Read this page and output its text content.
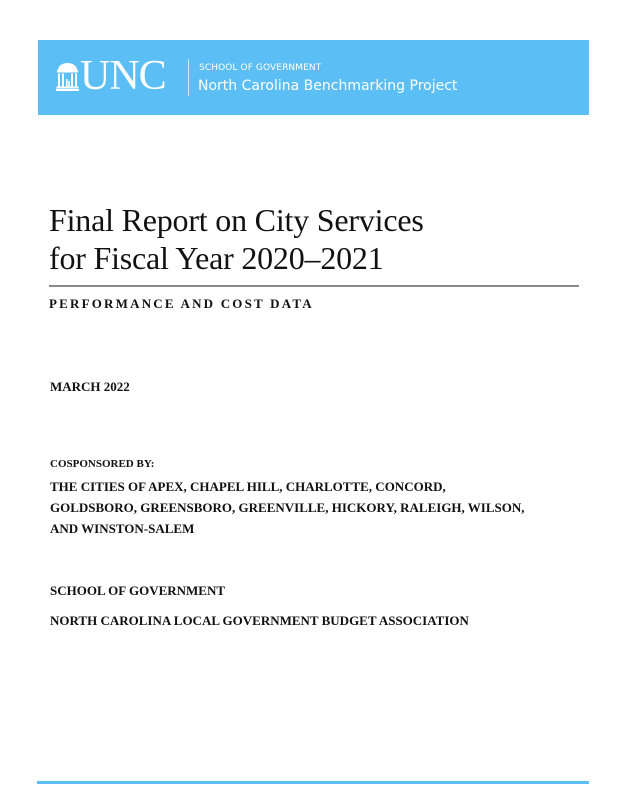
UNC	SCHOOL OF GOVERNMENT
North Carolina Benchmarking Project
Final Report on City Services
for Fiscal Year 2020–2021
PERFORMANCE AND COST DATA
MARCH 2022
COSPONSORED BY:
THE CITIES OF APEX, CHAPEL HILL, CHARLOTTE, CONCORD,
GOLDSBORO, GREENSBORO, GREENVILLE, HICKORY, RALEIGH, WILSON,
AND WINSTON-SALEM
SCHOOL OF GOVERNMENT
NORTH CAROLINA LOCAL GOVERNMENT BUDGET ASSOCIATION
